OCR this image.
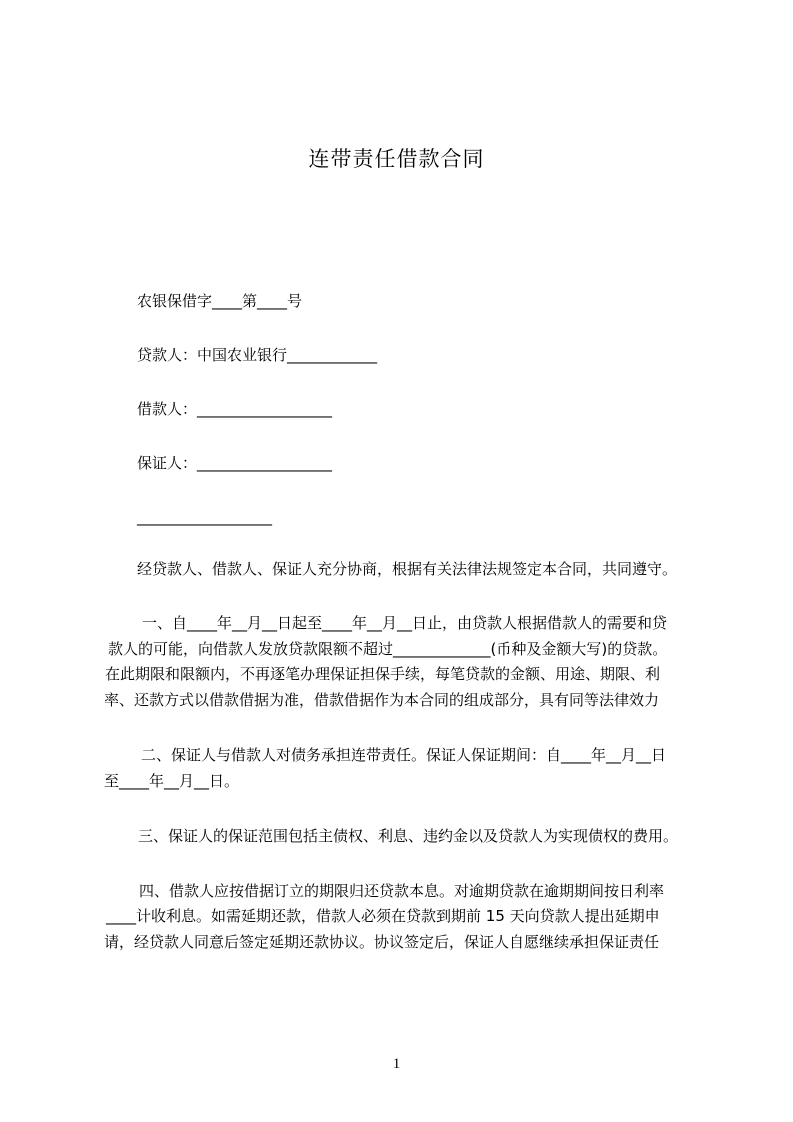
连带责任借款合同
农银保借字____第____号
贷款人：中国农业银行____________
借款人：__________________
保证人：__________________
__________________
经贷款人、借款人、保证人充分协商，根据有关法律法规签定本合同，共同遵守。
一、自____年__月__日起至____年__月__日止，由贷款人根据借款人的需要和贷
款人的可能，向借款人发放贷款限额不超过_____________(币种及金额大写)的贷款。
在此期限和限额内，不再逐笔办理保证担保手续，每笔贷款的金额、用途、期限、利
率、还款方式以借款借据为准，借款借据作为本合同的组成部分，具有同等法律效力
二、保证人与借款人对债务承担连带责任。保证人保证期间：自____年__月__日
至____年__月__日。
三、保证人的保证范围包括主债权、利息、违约金以及贷款人为实现债权的费用。
四、借款人应按借据订立的期限归还贷款本息。对逾期贷款在逾期期间按日利率
____计收利息。如需延期还款，借款人必须在贷款到期前 15 天向贷款人提出延期申
请，经贷款人同意后签定延期还款协议。协议签定后，保证人自愿继续承担保证责任
1
